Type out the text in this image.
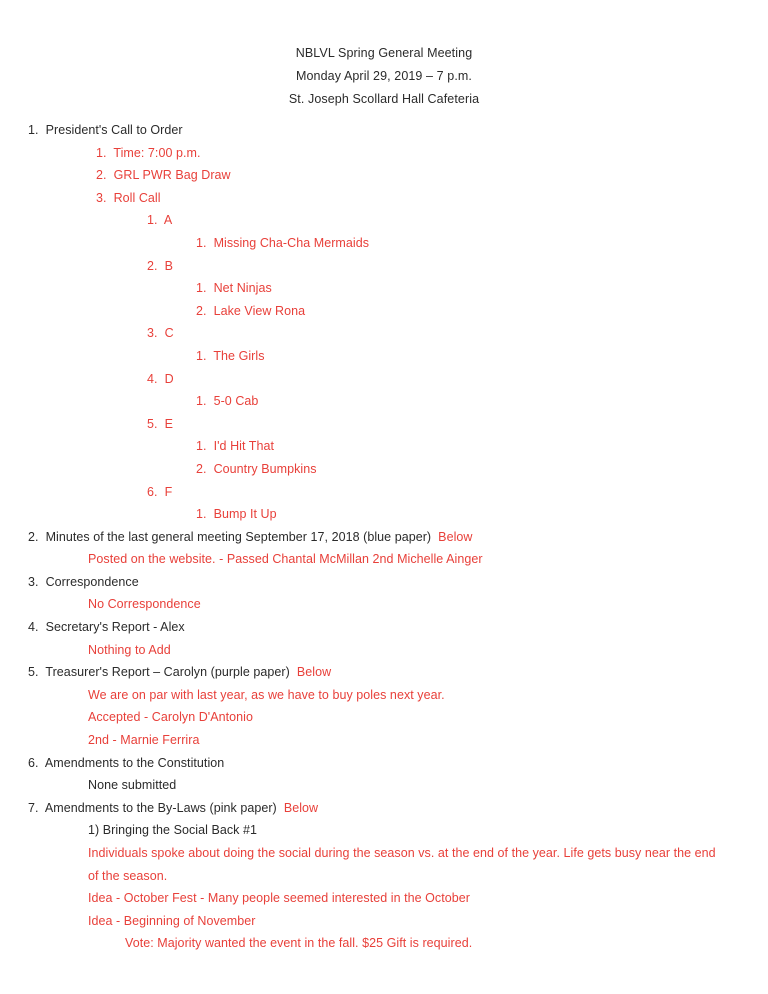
NBLVL Spring General Meeting
Monday April 29, 2019 – 7 p.m.
St. Joseph Scollard Hall Cafeteria
1.  President's Call to Order
1.  Time: 7:00 p.m.
2.  GRL PWR Bag Draw
3.  Roll Call
1.  A
1.  Missing Cha-Cha Mermaids
2.  B
1.  Net Ninjas
2.  Lake View Rona
3.  C
1.  The Girls
4.  D
1.  5-0 Cab
5.  E
1.  I'd Hit That
2.  Country Bumpkins
6.  F
1.  Bump It Up
2.  Minutes of the last general meeting September 17, 2018 (blue paper)  Below
Posted on the website. - Passed Chantal McMillan 2nd Michelle Ainger
3.  Correspondence
No Correspondence
4.  Secretary's Report - Alex
Nothing to Add
5.  Treasurer's Report – Carolyn (purple paper)  Below
We are on par with last year, as we have to buy poles next year.
Accepted - Carolyn D'Antonio
2nd - Marnie Ferrira
6.  Amendments to the Constitution
None submitted
7.  Amendments to the By-Laws (pink paper)  Below
1) Bringing the Social Back #1
Individuals spoke about doing the social during the season vs. at the end of the year. Life gets busy near the end of the season.
Idea - October Fest - Many people seemed interested in the October
Idea - Beginning of November
Vote: Majority wanted the event in the fall. $25 Gift is required.
